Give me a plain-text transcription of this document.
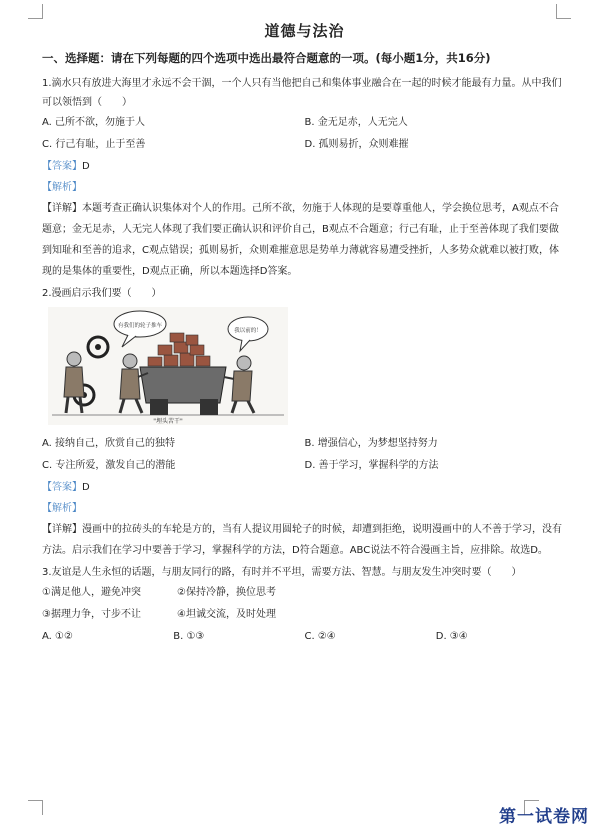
道德与法治
一、选择题：请在下列每题的四个选项中选出最符合题意的一项。(每小题1分，共16分)

1.滴水只有放进大海里才永远不会干涸，一个人只有当他把自己和集体事业融合在一起的时候才能最有力量。从中我们可以领悟到（　　）

A. 己所不欲，勿施于人	B. 金无足赤，人无完人
C. 行己有耻，止于至善	D. 孤则易折，众则难摧
【答案】D
【解析】

【详解】本题考查正确认识集体对个人的作用。己所不欲，勿施于人体现的是要尊重他人，学会换位思考，A观点不合题意；金无足赤，人无完人体现了我们要正确认识和评价自己，B观点不合题意；行己有耻，止于至善体现了我们要做到知耻和至善的追求，C观点错误；孤则易折，众则难摧意思是势单力薄就容易遭受挫折，人多势众就难以被打败，体现的是集体的重要性，D观点正确，所以本题选择D答案。

2.漫画启示我们要（　　）

有我们的轮子推车
我以前的！
"埋头苦干"
A. 接纳自己，欣赏自己的独特	B. 增强信心，为梦想坚持努力
C. 专注所爱，激发自己的潜能	D. 善于学习，掌握科学的方法
【答案】D
【解析】

【详解】漫画中的拉砖头的车轮是方的，当有人提议用圆轮子的时候，却遭到拒绝，说明漫画中的人不善于学习，没有方法。启示我们在学习中要善于学习，掌握科学的方法，D符合题意。ABC说法不符合漫画主旨，应排除。故选D。

3.友谊是人生永恒的话题，与朋友同行的路，有时并不平坦，需要方法、智慧。与朋友发生冲突时要（　　）

①满足他人，避免冲突	②保持冷静，换位思考
③据理力争，寸步不让	④坦诚交流，及时处理
A. ①②	B. ①③	C. ②④	D. ③④
第一试卷网
